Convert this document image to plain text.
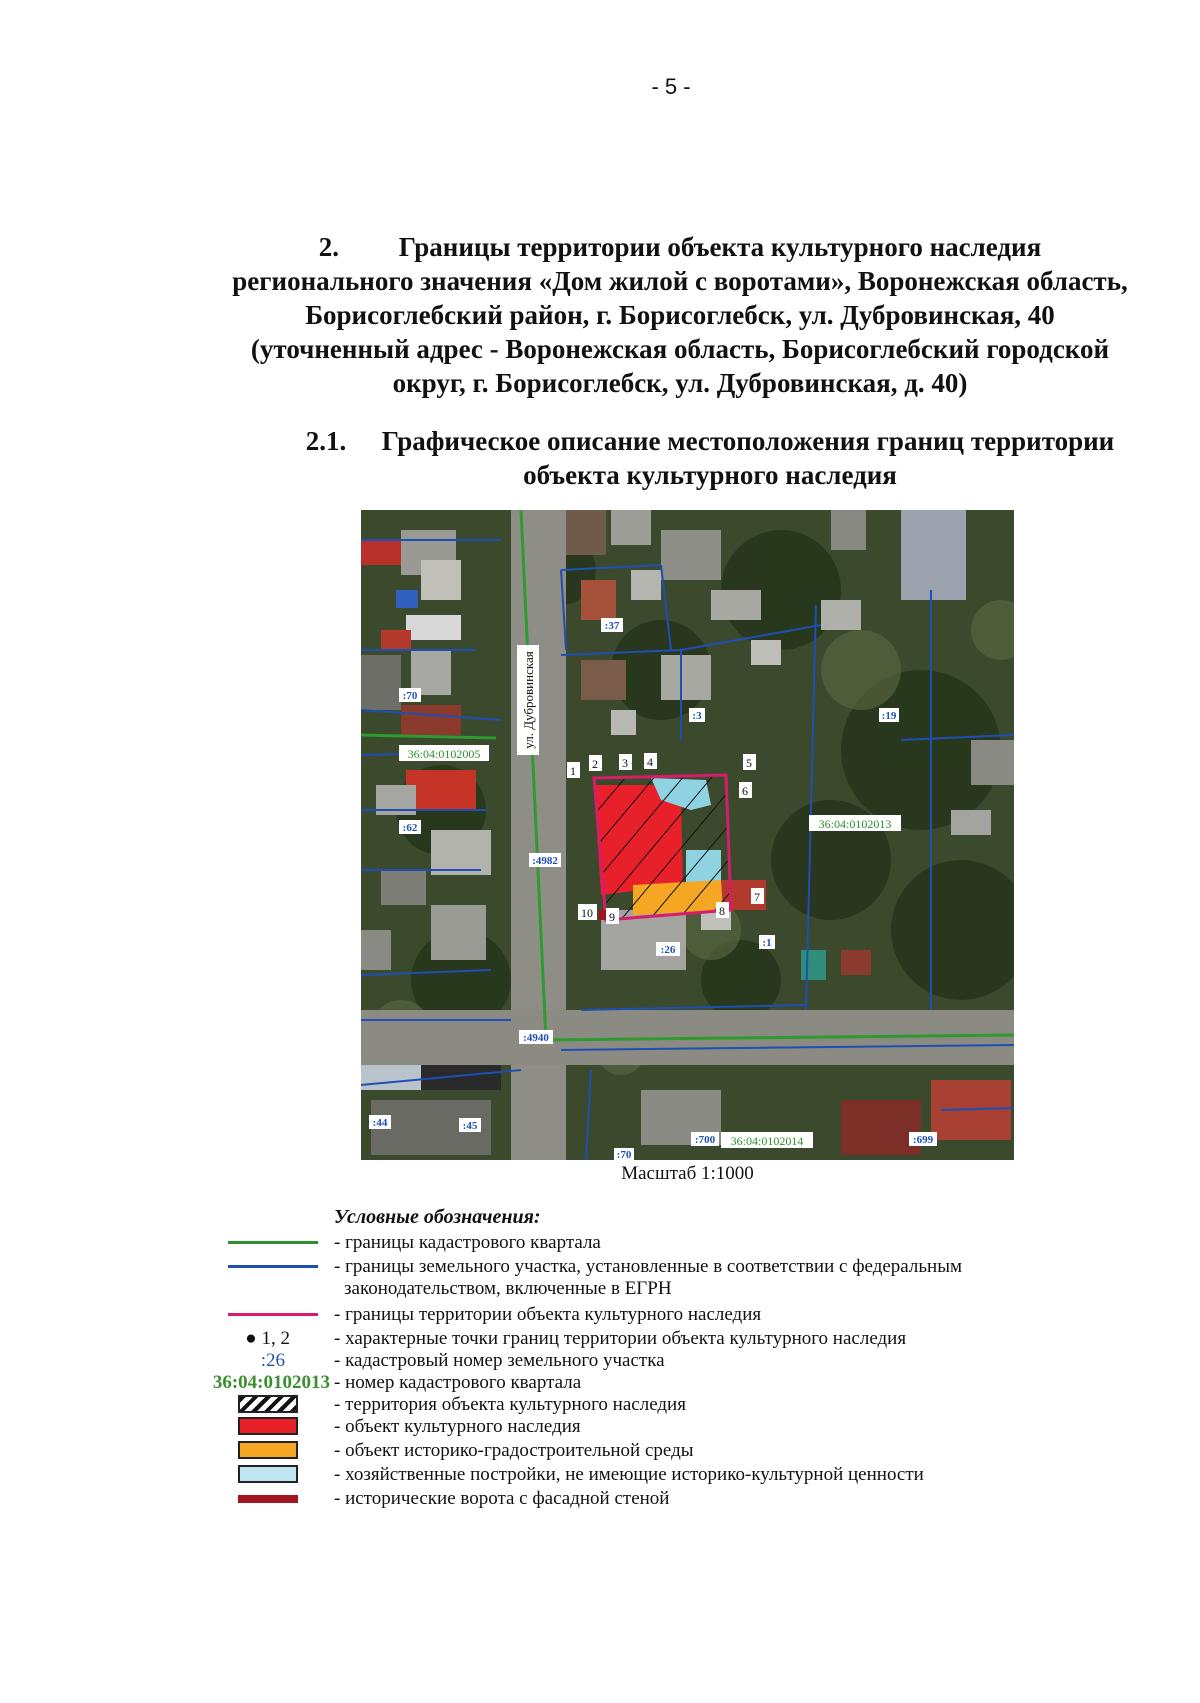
- 5 -
2. Границы территории объекта культурного наследия
регионального значения «Дом жилой с воротами», Воронежская область,
Борисоглебский район, г. Борисоглебск, ул. Дубровинская, 40
(уточненный адрес - Воронежская область, Борисоглебский городской
округ, г. Борисоглебск, ул. Дубровинская, д. 40)
2.1. Графическое описание местоположения границ территории
объекта культурного наследия
ул. Дубровинская
36:04:0102005
36:04:0102013
36:04:0102014
:37
:70
:3	:19
:62
:4982
:26
:1
:4940
:44	:45
:700	:699
:70
1 2 3 4	5
6
7
8
9
10
Масштаб 1:1000
Условные обозначения:
- границы кадастрового квартала
- границы земельного участка, установленные в соответствии с федеральным
законодательством, включенные в ЕГРН
- границы территории объекта культурного наследия
● 1, 2 - характерные точки границ территории объекта культурного наследия
:26	- кадастровый номер земельного участка
36:04:0102013 - номер кадастрового квартала
- территория объекта культурного наследия
- объект культурного наследия
- объект историко-градостроительной среды
- хозяйственные постройки, не имеющие историко-культурной ценности
- исторические ворота с фасадной стеной
